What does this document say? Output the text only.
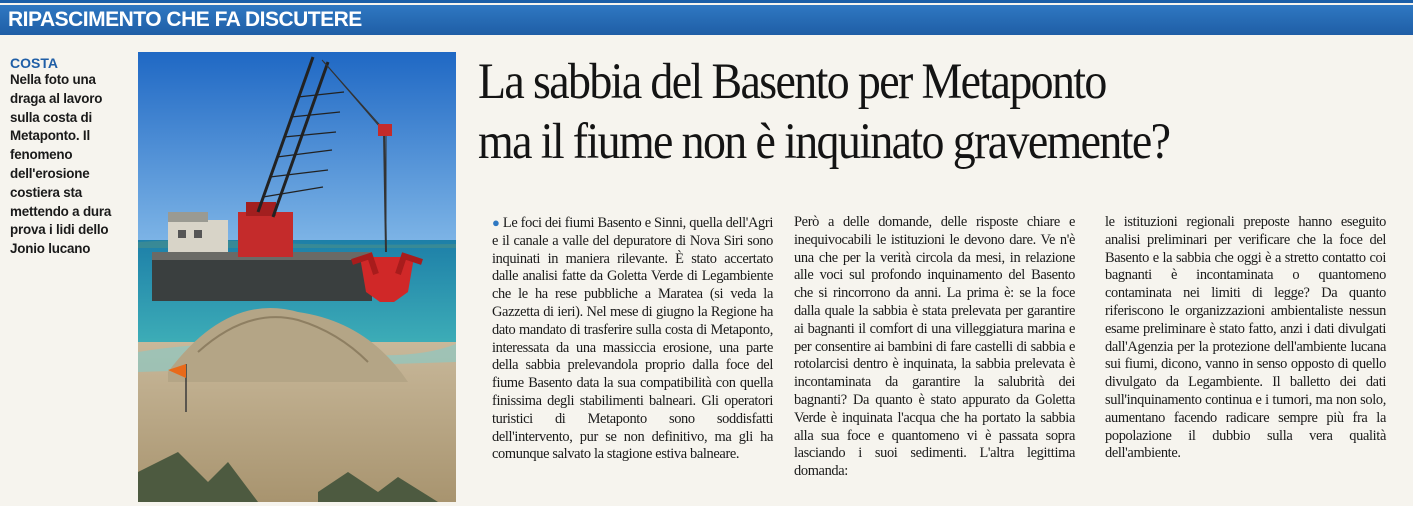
RIPASCIMENTO CHE FA DISCUTERE
COSTA
Nella foto una draga al lavoro sulla costa di Metaponto. Il fenomeno dell'erosione costiera sta mettendo a dura prova i lidi dello Jonio lucano
La sabbia del Basento per Metaponto
ma il fiume non è inquinato gravemente?
● Le foci dei fiumi Basento e Sinni, quella dell'Agri e il canale a valle del depuratore di Nova Siri sono inquinati in maniera rilevante. È stato accertato dalle analisi fatte da Goletta Verde di Legambiente che le ha rese pubbliche a Maratea (si veda la Gazzetta di ieri). Nel mese di giugno la Regione ha dato mandato di trasferire sulla costa di Metaponto, interessata da una massiccia erosione, una parte della sabbia prelevandola proprio dalla foce del fiume Basento data la sua compatibilità con quella finissima degli stabilimenti balneari. Gli operatori turistici di Metaponto sono soddisfatti dell'intervento, pur se non definitivo, ma gli ha comunque salvato la stagione estiva balneare.
Però a delle domande, delle risposte chiare e inequivocabili le istituzioni le devono dare. Ve n'è una che per la verità circola da mesi, in relazione alle voci sul profondo inquinamento del Basento che si rincorrono da anni. La prima è: se la foce dalla quale la sabbia è stata prelevata per garantire ai bagnanti il comfort di una villeggiatura marina e per consentire ai bambini di fare castelli di sabbia e rotolarcisi dentro è inquinata, la sabbia prelevata è incontaminata da garantire la salubrità dei bagnanti? Da quanto è stato appurato da Goletta Verde è inquinata l'acqua che ha portato la sabbia alla sua foce e quantomeno vi è passata sopra lasciando i suoi sedimenti. L'altra legittima domanda:
le istituzioni regionali preposte hanno eseguito analisi preliminari per verificare che la foce del Basento e la sabbia che oggi è a stretto contatto coi bagnanti è incontaminata o quantomeno contaminata nei limiti di legge? Da quanto riferiscono le organizzazioni ambientaliste nessun esame preliminare è stato fatto, anzi i dati divulgati dall'Agenzia per la protezione dell'ambiente lucana sui fiumi, dicono, vanno in senso opposto di quello divulgato da Legambiente. Il balletto dei dati sull'inquinamento continua e i tumori, ma non solo, aumentano facendo radicare sempre più fra la popolazione il dubbio sulla vera qualità dell'ambiente.
